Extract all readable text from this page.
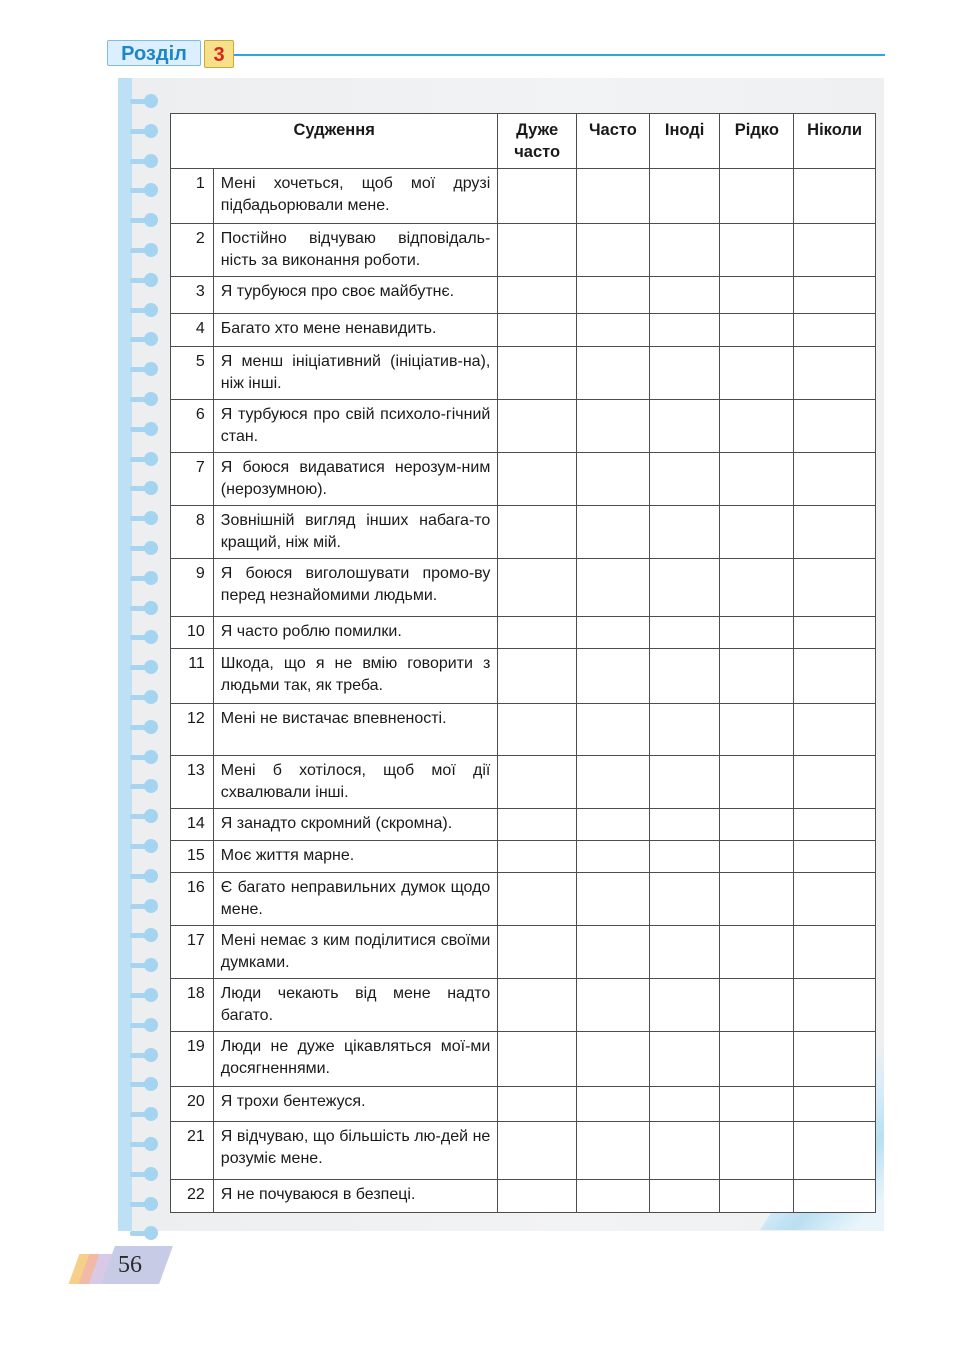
Розділ	3
Судження		Дуже часто	Часто	Іноді	Рідко	Ніколи
1	Мені хочеться, щоб мої друзі підбадьорювали мене.					
2	Постійно відчуваю відповідаль-ність за виконання роботи.					
3	Я турбуюся про своє майбутнє.					
4	Багато хто мене ненавидить.					
5	Я менш ініціативний (ініціатив-на), ніж інші.					
6	Я турбуюся про свій психоло-гічний стан.					
7	Я боюся видаватися нерозум-ним (нерозумною).					
8	Зовнішній вигляд інших набага-то кращий, ніж мій.					
9	Я боюся виголошувати промо-ву перед незнайомими людьми.					
10	Я часто роблю помилки.					
11	Шкода, що я не вмію говорити з людьми так, як треба.					
12	Мені не вистачає впевненості.					
13	Мені б хотілося, щоб мої дії схвалювали інші.					
14	Я занадто скромний (скромна).					
15	Моє життя марне.					
16	Є багато неправильних думок щодо мене.					
17	Мені немає з ким поділитися своїми думками.					
18	Люди чекають від мене надто багато.					
19	Люди не дуже цікавляться мої-ми досягненнями.					
20	Я трохи бентежуся.					
21	Я відчуваю, що більшість лю-дей не розуміє мене.					
22	Я не почуваюся в безпеці.					
56
